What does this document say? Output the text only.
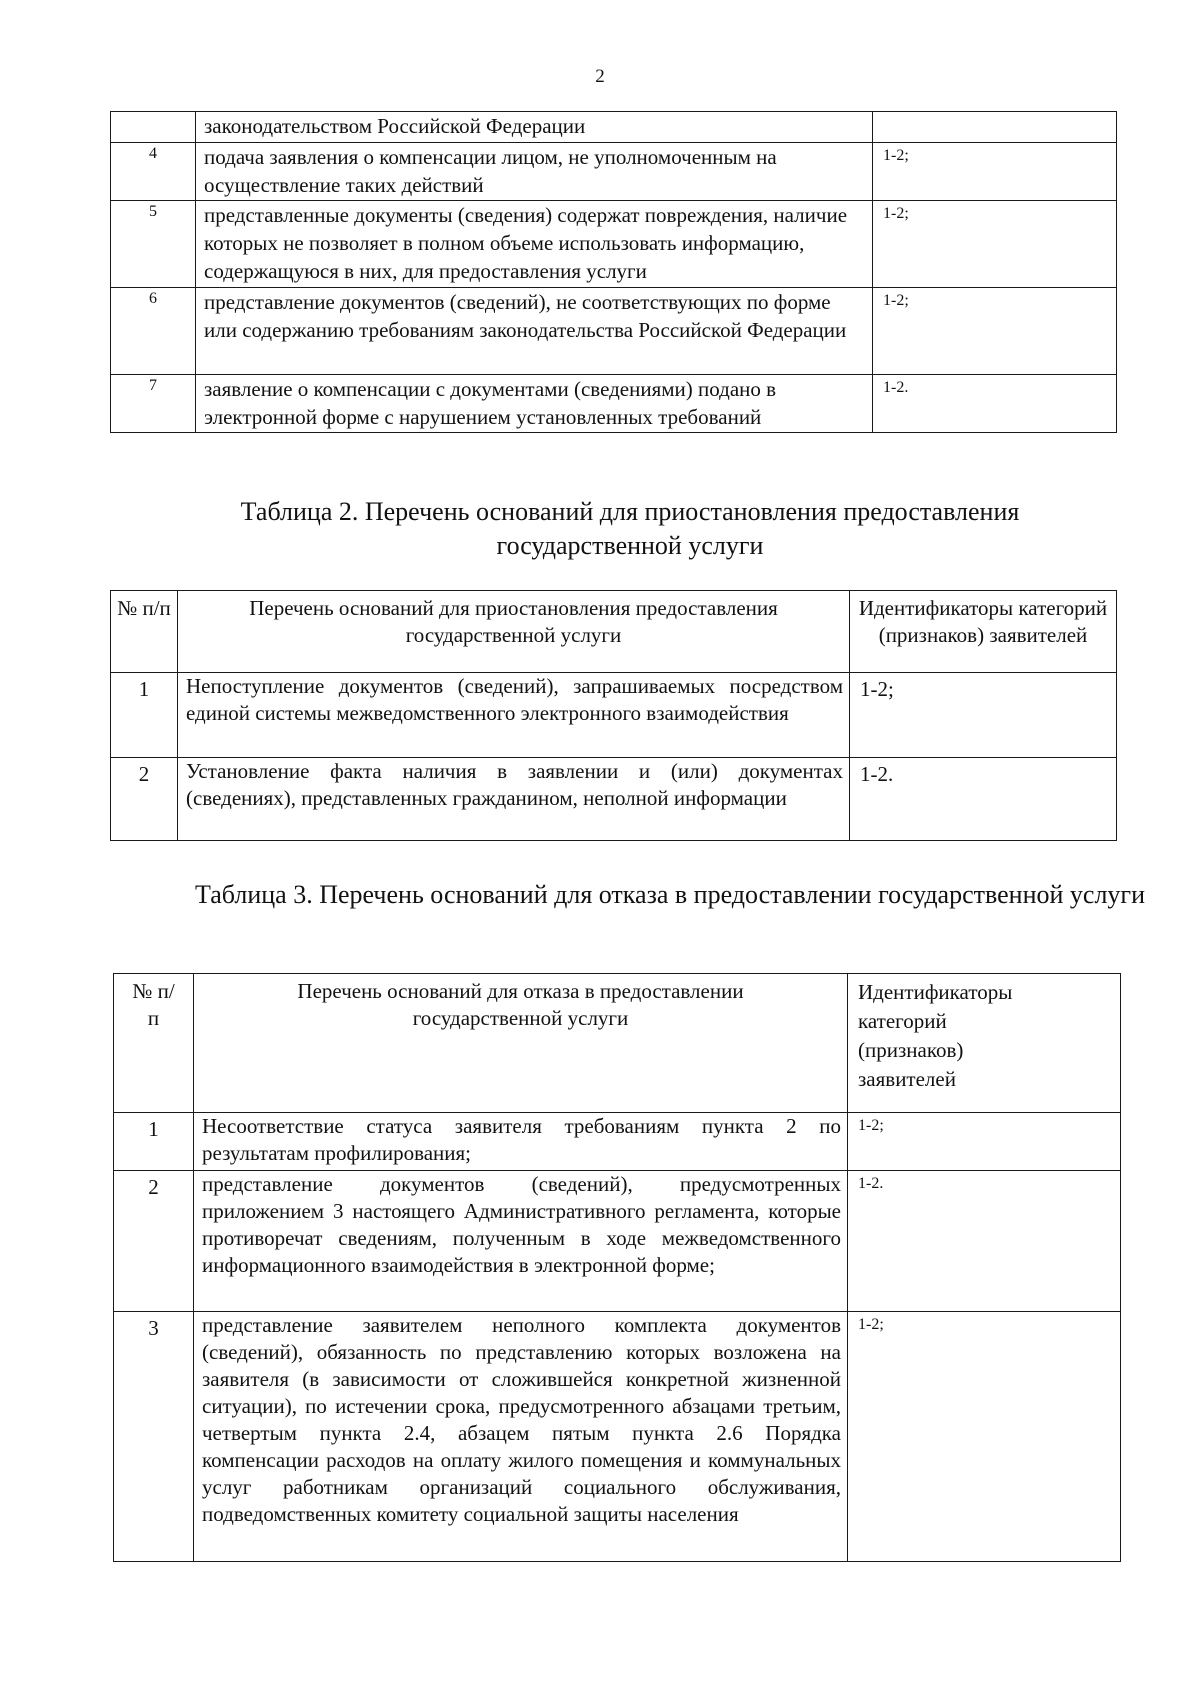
2
	законодательством Российской Федерации	
4	подача заявления о компенсации лицом, не уполномоченным на осуществление таких действий	1-2;
5	представленные документы (сведения) содержат повреждения, наличие которых не позволяет в полном объеме использовать информацию, содержащуюся в них, для предоставления услуги	1-2;
6	представление документов (сведений), не соответствующих по форме или содержанию требованиям законодательства Российской Федерации	1-2;
7	заявление о компенсации с документами (сведениями) подано в электронной форме с нарушением установленных требований	1-2.
Таблица 2. Перечень оснований для приостановления предоставления государственной услуги
№ п/п	Перечень оснований для приостановления предоставления государственной услуги	Идентификаторы категорий (признаков) заявителей
1	Непоступление документов (сведений), запрашиваемых посредством единой системы межведомственного электронного взаимодействия	1-2;
2	Установление факта наличия в заявлении и (или) документах (сведениях), представленных гражданином, неполной информации	1-2.
Таблица 3. Перечень оснований для отказа в предоставлении государственной услуги
№ п/п	Перечень оснований для отказа в предоставлении государственной услуги	Идентификаторы категорий (признаков) заявителей
1	Несоответствие статуса заявителя требованиям пункта 2 по результатам профилирования;	1-2;
2	представление документов (сведений), предусмотренных приложением 3 настоящего Административного регламента, которые противоречат сведениям, полученным в ходе межведомственного информационного взаимодействия в электронной форме;	1-2.
3	представление заявителем неполного комплекта документов (сведений), обязанность по представлению которых возложена на заявителя (в зависимости от сложившейся конкретной жизненной ситуации), по истечении срока, предусмотренного абзацами третьим, четвертым пункта 2.4, абзацем пятым пункта 2.6 Порядка компенсации расходов на оплату жилого помещения и коммунальных услуг работникам организаций социального обслуживания, подведомственных комитету социальной защиты населения	1-2;
